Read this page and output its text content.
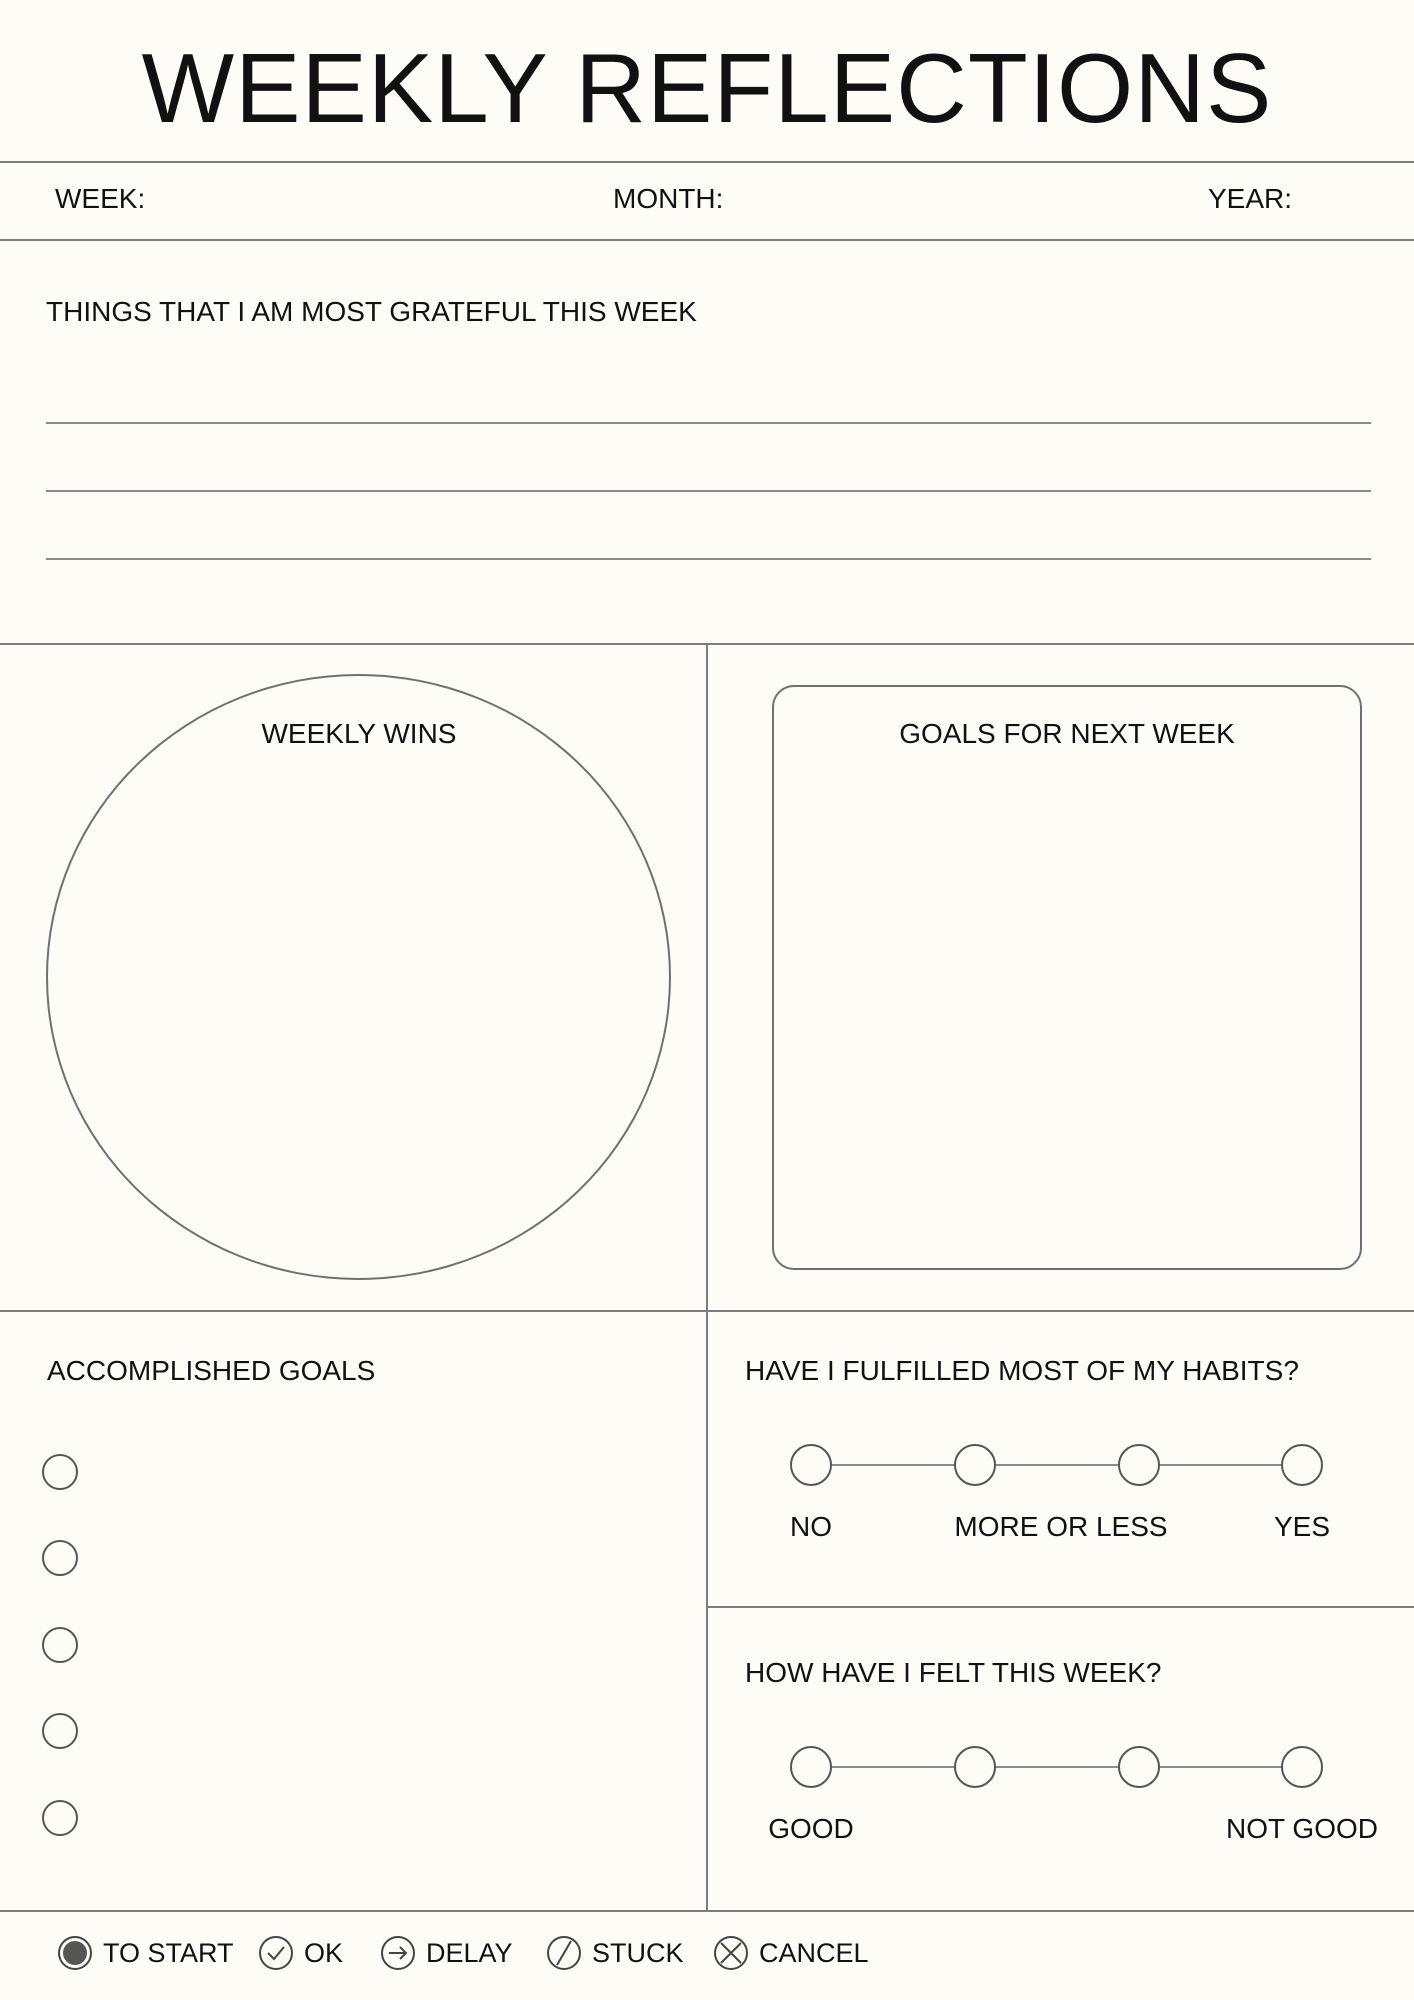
WEEKLY REFLECTIONS
WEEK:	MONTH:	YEAR:
THINGS THAT I AM MOST GRATEFUL THIS WEEK
WEEKLY WINS	GOALS FOR NEXT WEEK
ACCOMPLISHED GOALS	HAVE I FULFILLED MOST OF MY HABITS?
NO	MORE OR LESS	YES
HOW HAVE I FELT THIS WEEK?
GOOD	NOT GOOD
TO START	OK	DELAY	STUCK	CANCEL
